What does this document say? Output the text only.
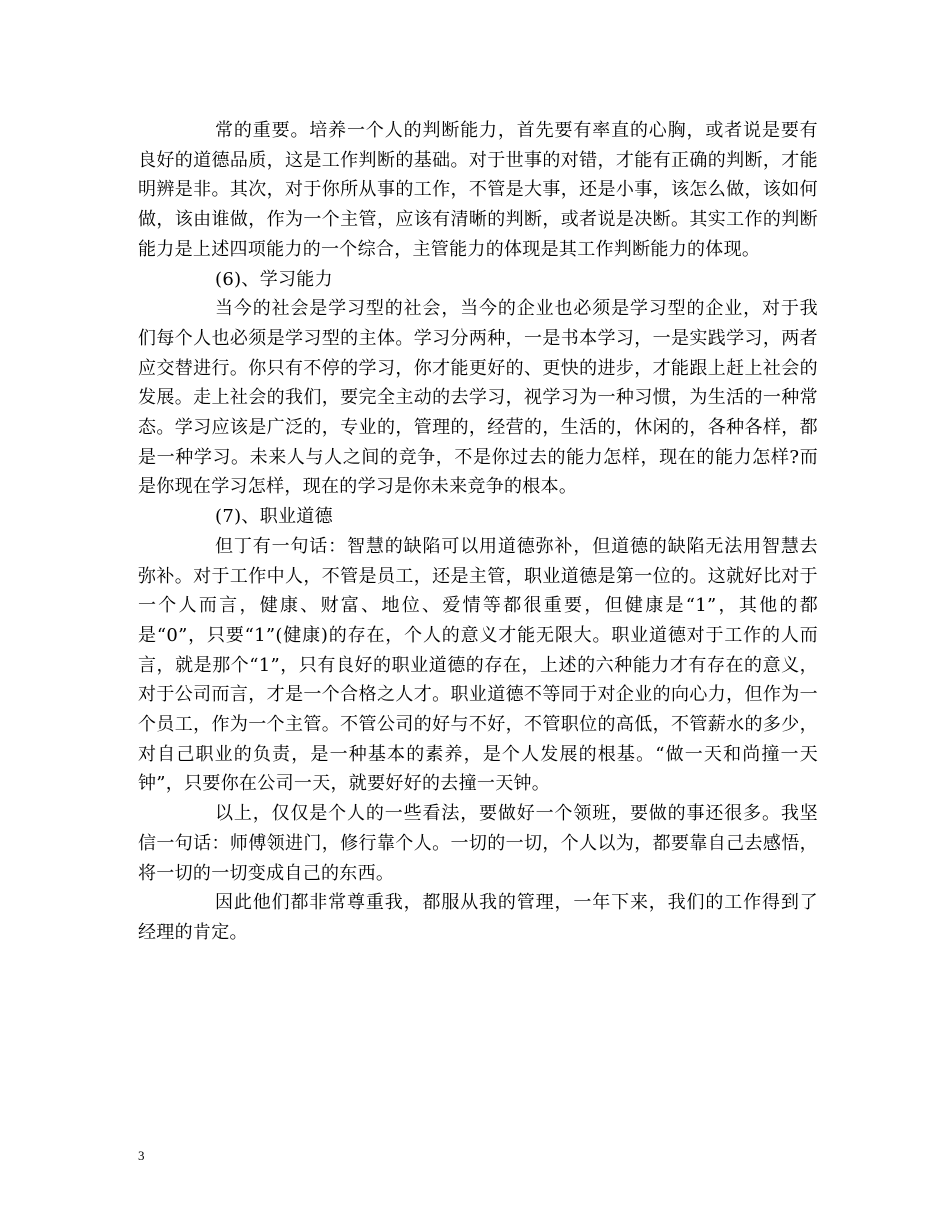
常的重要。培养一个人的判断能力，首先要有率直的心胸，或者说是要有良好的道德品质，这是工作判断的基础。对于世事的对错，才能有正确的判断，才能明辨是非。其次，对于你所从事的工作，不管是大事，还是小事，该怎么做，该如何做，该由谁做，作为一个主管，应该有清晰的判断，或者说是决断。其实工作的判断能力是上述四项能力的一个综合，主管能力的体现是其工作判断能力的体现。

(6)、学习能力

当今的社会是学习型的社会，当今的企业也必须是学习型的企业，对于我们每个人也必须是学习型的主体。学习分两种，一是书本学习，一是实践学习，两者应交替进行。你只有不停的学习，你才能更好的、更快的进步，才能跟上赶上社会的发展。走上社会的我们，要完全主动的去学习，视学习为一种习惯，为生活的一种常态。学习应该是广泛的，专业的，管理的，经营的，生活的，休闲的，各种各样，都是一种学习。未来人与人之间的竞争，不是你过去的能力怎样，现在的能力怎样?而是你现在学习怎样，现在的学习是你未来竞争的根本。

(7)、职业道德

但丁有一句话：智慧的缺陷可以用道德弥补，但道德的缺陷无法用智慧去弥补。对于工作中人，不管是员工，还是主管，职业道德是第一位的。这就好比对于一个人而言，健康、财富、地位、爱情等都很重要，但健康是“1”，其他的都是“0”，只要“1”(健康)的存在，个人的意义才能无限大。职业道德对于工作的人而言，就是那个“1”，只有良好的职业道德的存在，上述的六种能力才有存在的意义，对于公司而言，才是一个合格之人才。职业道德不等同于对企业的向心力，但作为一个员工，作为一个主管。不管公司的好与不好，不管职位的高低，不管薪水的多少，对自己职业的负责，是一种基本的素养，是个人发展的根基。“做一天和尚撞一天钟”，只要你在公司一天，就要好好的去撞一天钟。

以上，仅仅是个人的一些看法，要做好一个领班，要做的事还很多。我坚信一句话：师傅领进门，修行靠个人。一切的一切，个人以为，都要靠自己去感悟，将一切的一切变成自己的东西。

因此他们都非常尊重我，都服从我的管理，一年下来，我们的工作得到了经理的肯定。

3
